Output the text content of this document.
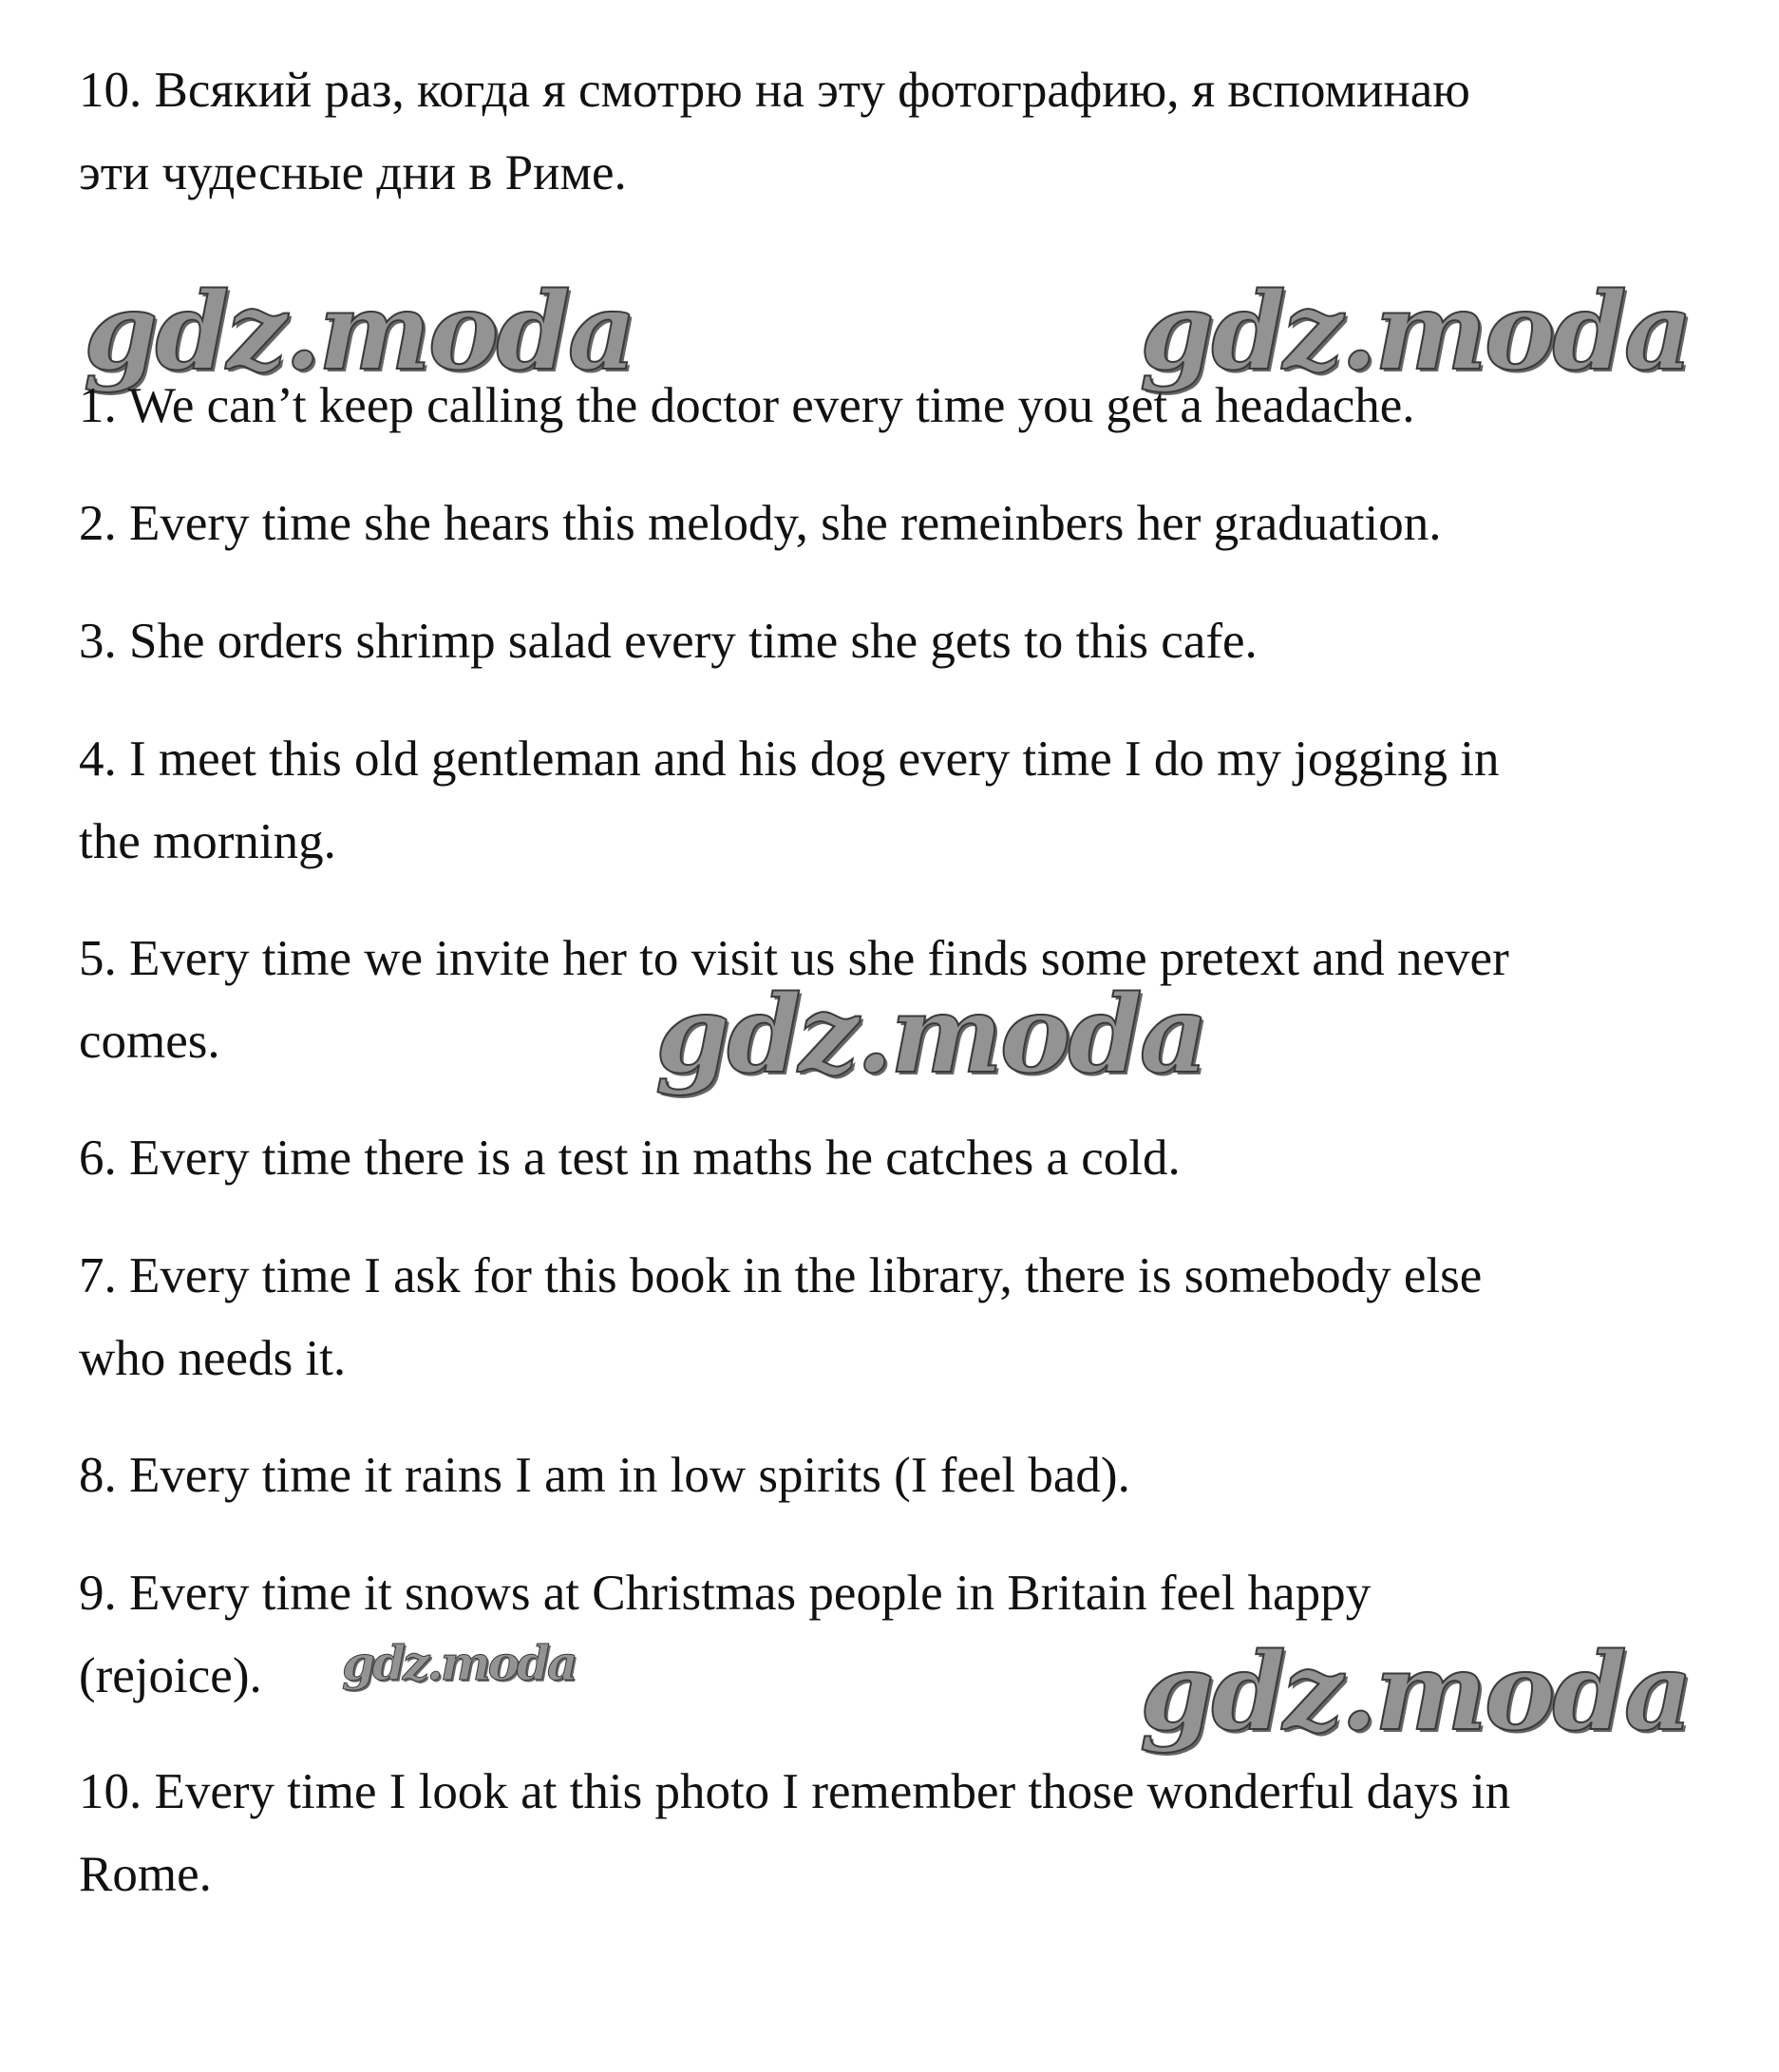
10. Всякий раз, когда я смотрю на эту фотографию, я вспоминаю
эти чудесные дни в Риме.

gdz.moda	gdz.moda

1. We can’t keep calling the doctor every time you get a headache.

2. Every time she hears this melody, she remeinbers her graduation.

3. She orders shrimp salad every time she gets to this cafe.

4. I meet this old gentleman and his dog every time I do my jogging in
the morning.

5. Every time we invite her to visit us she finds some pretext and never
comes.	gdz.moda

6. Every time there is a test in maths he catches a cold.

7. Every time I ask for this book in the library, there is somebody else
who needs it.

8. Every time it rains I am in low spirits (I feel bad).

9. Every time it snows at Christmas people in Britain feel happy
(rejoice).	gdz.moda	gdz.moda

10. Every time I look at this photo I remember those wonderful days in
Rome.
